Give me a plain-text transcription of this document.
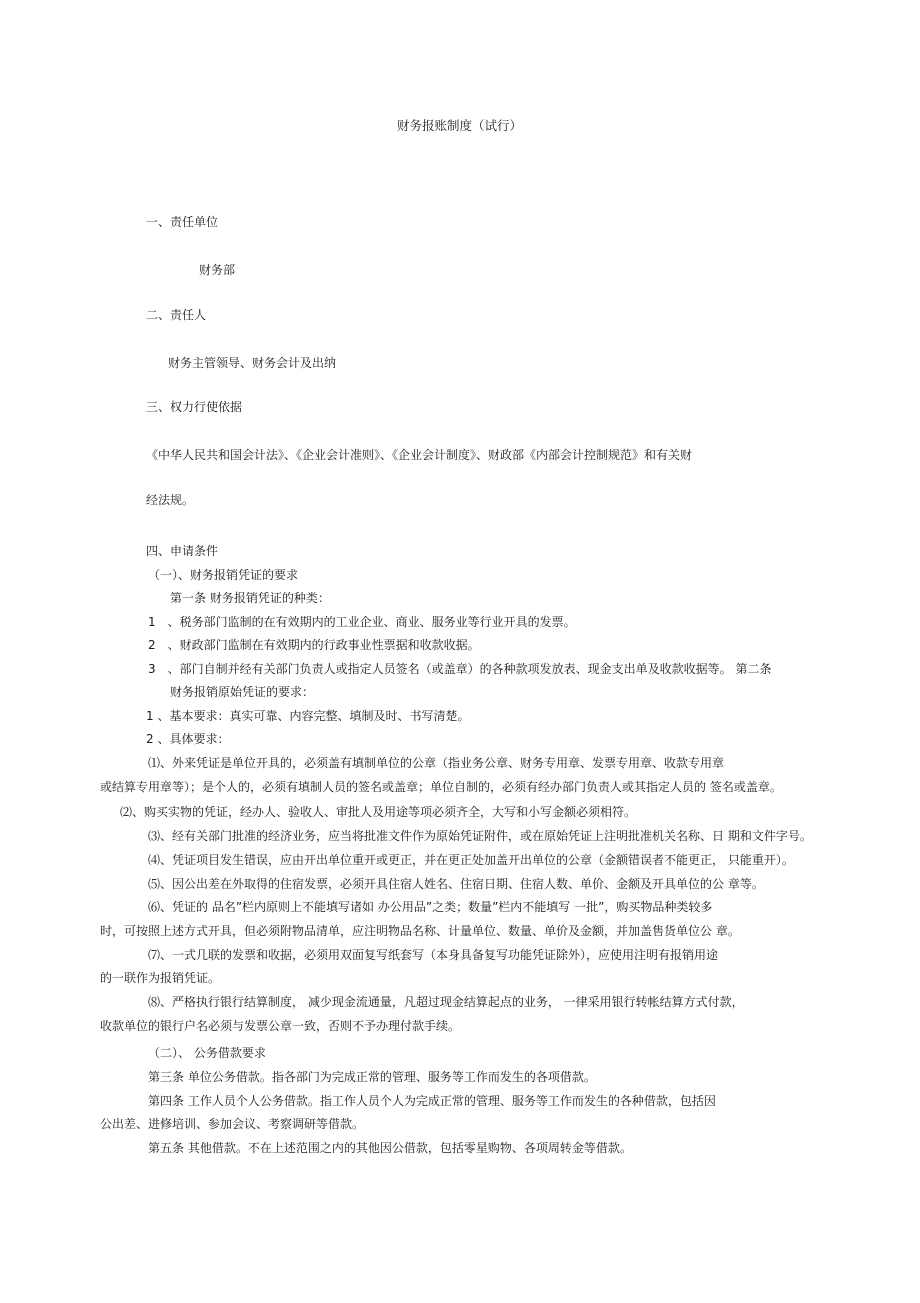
财务报账制度（试行）
一、责任单位
财务部
二、责任人
财务主管领导、财务会计及出纳
三、权力行使依据
《中华人民共和国会计法》、《企业会计准则》、《企业会计制度》、财政部《内部会计控制规范》和有关财
经法规。
四、申请条件
（一）、财务报销凭证的要求
第一条 财务报销凭证的种类：
1　、税务部门监制的在有效期内的工业企业、商业、服务业等行业开具的发票。
2　、财政部门监制在有效期内的行政事业性票据和收款收据。
3　、部门自制并经有关部门负责人或指定人员签名（或盖章）的各种款项发放表、现金支出单及收款收据等。 第二条
财务报销原始凭证的要求：
1 、基本要求：真实可靠、内容完整、填制及时、书写清楚。
2 、具体要求：
⑴、外来凭证是单位开具的，必须盖有填制单位的公章（指业务公章、财务专用章、发票专用章、收款专用章
或结算专用章等）；是个人的，必须有填制人员的签名或盖章；单位自制的，必须有经办部门负责人或其指定人员的 签名或盖章。
⑵、购买实物的凭证，经办人、验收人、审批人及用途等项必须齐全，大写和小写金额必须相符。
⑶、经有关部门批准的经济业务，应当将批准文件作为原始凭证附件，或在原始凭证上注明批准机关名称、日 期和文件字号。
⑷、凭证项目发生错误，应由开出单位重开或更正，并在更正处加盖开出单位的公章（金额错误者不能更正， 只能重开）。
⑸、因公出差在外取得的住宿发票，必须开具住宿人姓名、住宿日期、住宿人数、单价、金额及开具单位的公 章等。
⑹、凭证的 品名”栏内原则上不能填写诸如 办公用品”之类；数量”栏内不能填写 一批”，购买物品种类较多
时，可按照上述方式开具，但必须附物品清单，应注明物品名称、计量单位、数量、单价及金额，并加盖售货单位公 章。
⑺、一式几联的发票和收据，必须用双面复写纸套写（本身具备复写功能凭证除外），应使用注明有报销用途
的一联作为报销凭证。
⑻、严格执行银行结算制度， 减少现金流通量，凡超过现金结算起点的业务， 一律采用银行转帐结算方式付款，
收款单位的银行户名必须与发票公章一致，否则不予办理付款手续。
（二）、 公务借款要求
第三条 单位公务借款。指各部门为完成正常的管理、服务等工作而发生的各项借款。
第四条 工作人员个人公务借款。指工作人员个人为完成正常的管理、服务等工作而发生的各种借款，包括因
公出差、进修培训、参加会议、考察调研等借款。
第五条 其他借款。不在上述范围之内的其他因公借款，包括零星购物、各项周转金等借款。
